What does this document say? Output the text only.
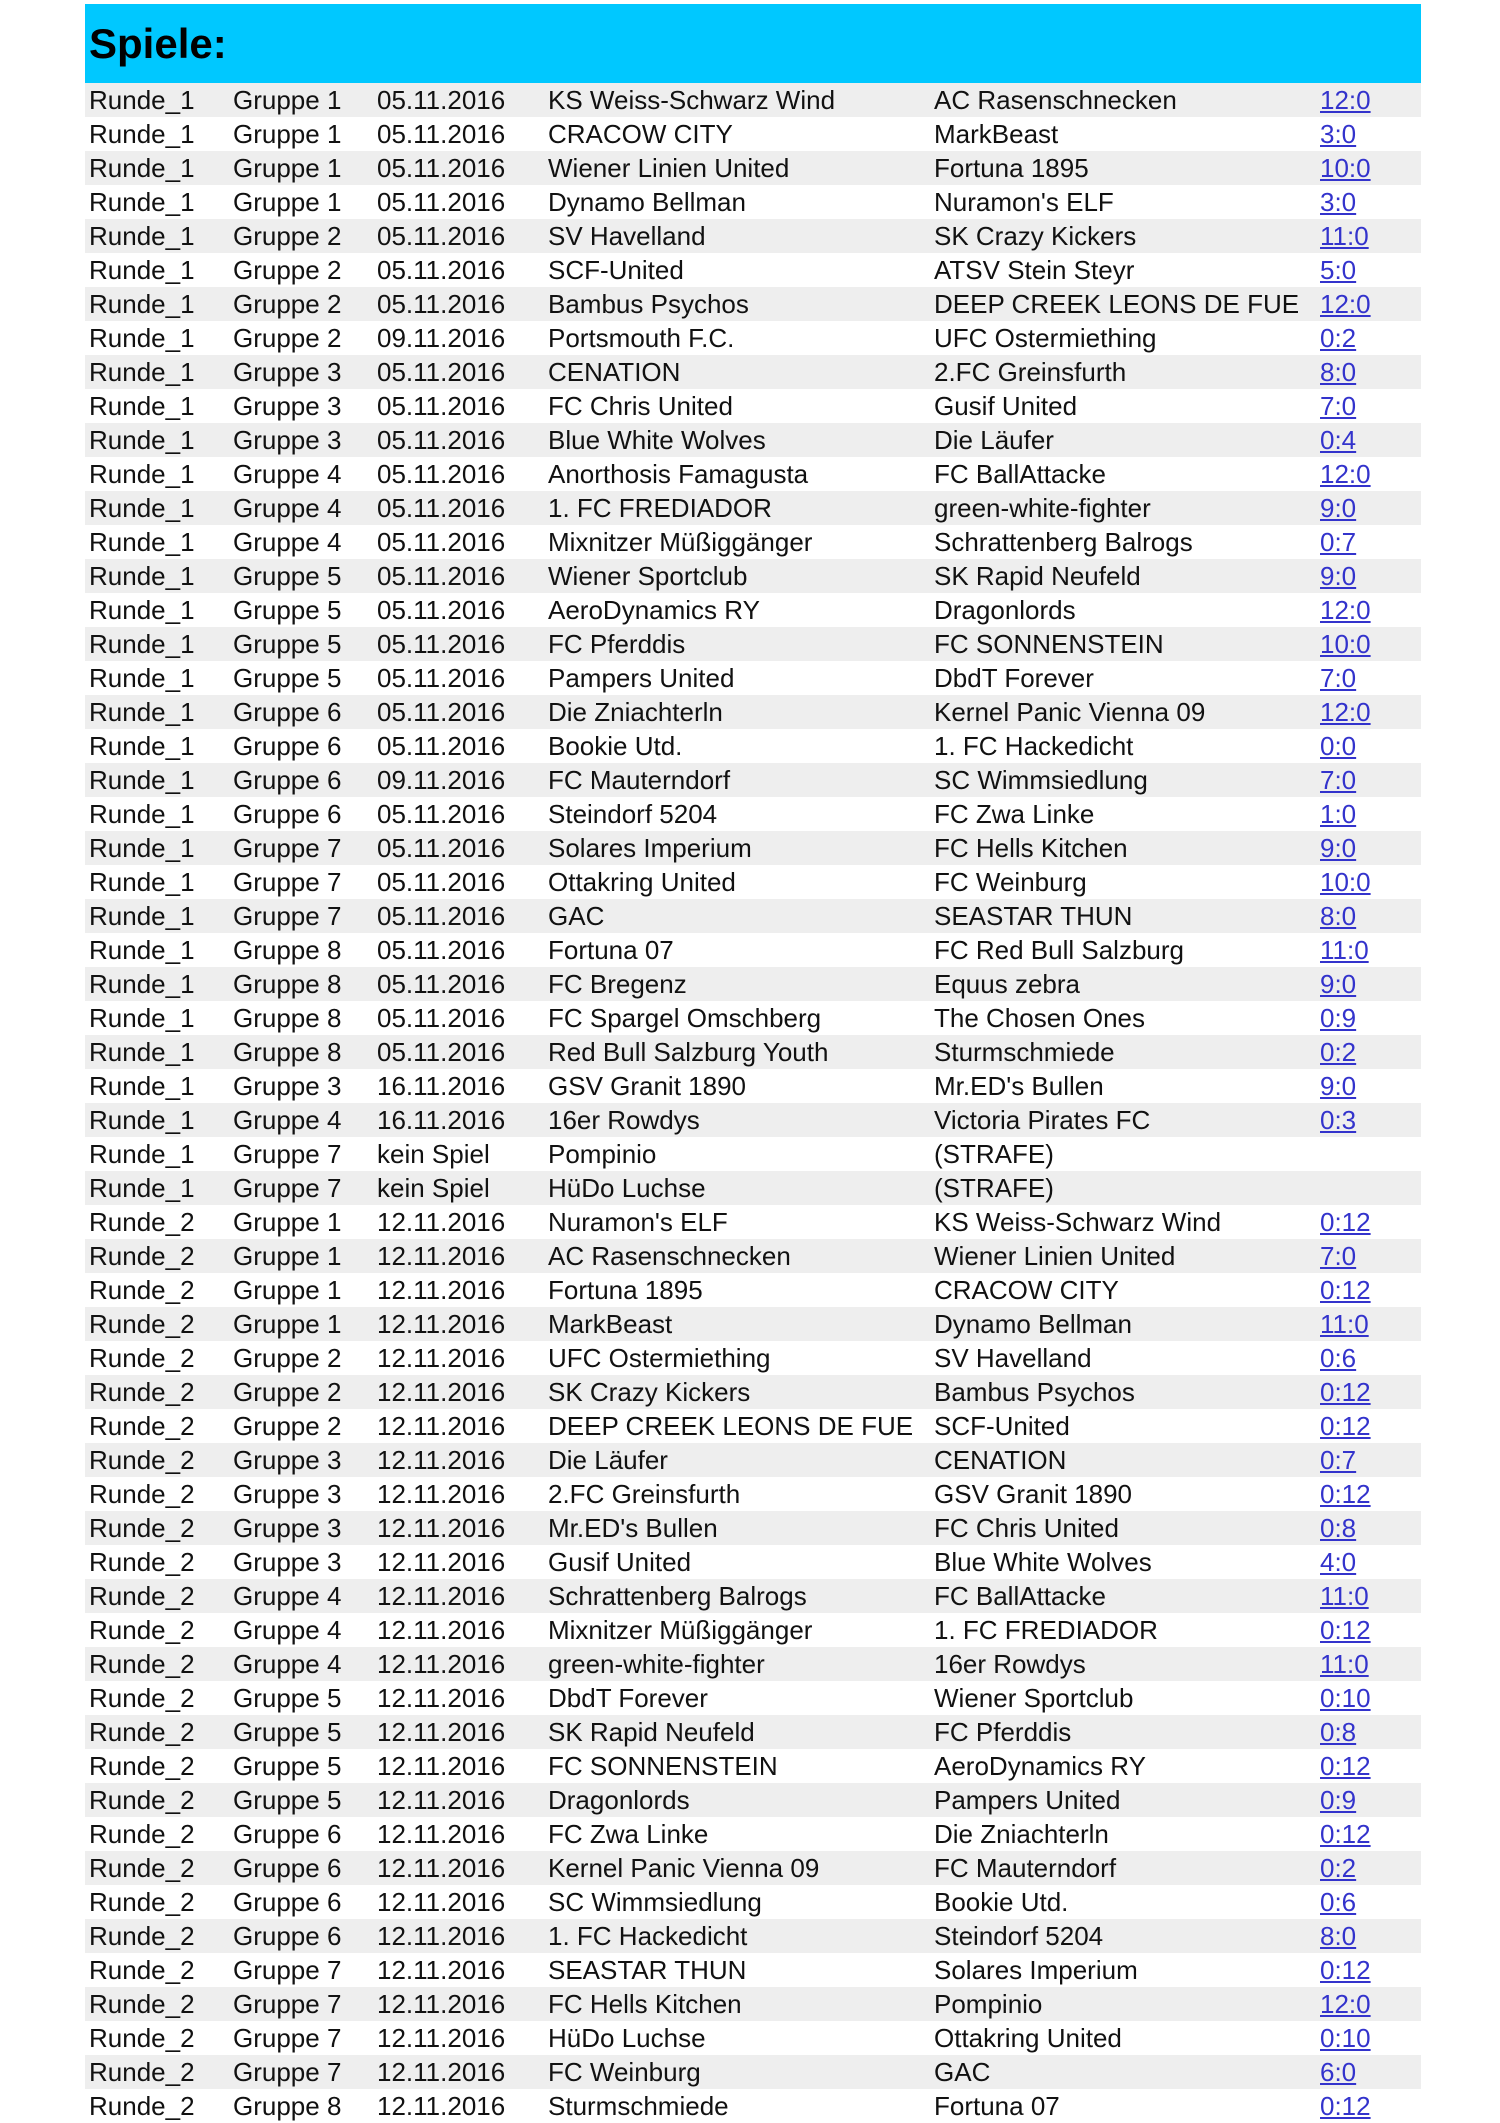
Spiele:
Runde_1	Gruppe 1	05.11.2016	KS Weiss-Schwarz Wind	AC Rasenschnecken	12:0
Runde_1	Gruppe 1	05.11.2016	CRACOW CITY	MarkBeast	3:0
Runde_1	Gruppe 1	05.11.2016	Wiener Linien United	Fortuna 1895	10:0
Runde_1	Gruppe 1	05.11.2016	Dynamo Bellman	Nuramon's ELF	3:0
Runde_1	Gruppe 2	05.11.2016	SV Havelland	SK Crazy Kickers	11:0
Runde_1	Gruppe 2	05.11.2016	SCF-United	ATSV Stein Steyr	5:0
Runde_1	Gruppe 2	05.11.2016	Bambus Psychos	DEEP CREEK LEONS DE FUE	12:0
Runde_1	Gruppe 2	09.11.2016	Portsmouth F.C.	UFC Ostermiething	0:2
Runde_1	Gruppe 3	05.11.2016	CENATION	2.FC Greinsfurth	8:0
Runde_1	Gruppe 3	05.11.2016	FC Chris United	Gusif United	7:0
Runde_1	Gruppe 3	05.11.2016	Blue White Wolves	Die Läufer	0:4
Runde_1	Gruppe 4	05.11.2016	Anorthosis Famagusta	FC BallAttacke	12:0
Runde_1	Gruppe 4	05.11.2016	1. FC FREDIADOR	green-white-fighter	9:0
Runde_1	Gruppe 4	05.11.2016	Mixnitzer Müßiggänger	Schrattenberg Balrogs	0:7
Runde_1	Gruppe 5	05.11.2016	Wiener Sportclub	SK Rapid Neufeld	9:0
Runde_1	Gruppe 5	05.11.2016	AeroDynamics RY	Dragonlords	12:0
Runde_1	Gruppe 5	05.11.2016	FC Pferddis	FC SONNENSTEIN	10:0
Runde_1	Gruppe 5	05.11.2016	Pampers United	DbdT Forever	7:0
Runde_1	Gruppe 6	05.11.2016	Die Zniachterln	Kernel Panic Vienna 09	12:0
Runde_1	Gruppe 6	05.11.2016	Bookie Utd.	1. FC Hackedicht	0:0
Runde_1	Gruppe 6	09.11.2016	FC Mauterndorf	SC Wimmsiedlung	7:0
Runde_1	Gruppe 6	05.11.2016	Steindorf 5204	FC Zwa Linke	1:0
Runde_1	Gruppe 7	05.11.2016	Solares Imperium	FC Hells Kitchen	9:0
Runde_1	Gruppe 7	05.11.2016	Ottakring United	FC Weinburg	10:0
Runde_1	Gruppe 7	05.11.2016	GAC	SEASTAR THUN	8:0
Runde_1	Gruppe 8	05.11.2016	Fortuna 07	FC Red Bull Salzburg	11:0
Runde_1	Gruppe 8	05.11.2016	FC Bregenz	Equus zebra	9:0
Runde_1	Gruppe 8	05.11.2016	FC Spargel Omschberg	The Chosen Ones	0:9
Runde_1	Gruppe 8	05.11.2016	Red Bull Salzburg Youth	Sturmschmiede	0:2
Runde_1	Gruppe 3	16.11.2016	GSV Granit 1890	Mr.ED's Bullen	9:0
Runde_1	Gruppe 4	16.11.2016	16er Rowdys	Victoria Pirates FC	0:3
Runde_1	Gruppe 7	kein Spiel	Pompinio	(STRAFE)	
Runde_1	Gruppe 7	kein Spiel	HüDo Luchse	(STRAFE)	
Runde_2	Gruppe 1	12.11.2016	Nuramon's ELF	KS Weiss-Schwarz Wind	0:12
Runde_2	Gruppe 1	12.11.2016	AC Rasenschnecken	Wiener Linien United	7:0
Runde_2	Gruppe 1	12.11.2016	Fortuna 1895	CRACOW CITY	0:12
Runde_2	Gruppe 1	12.11.2016	MarkBeast	Dynamo Bellman	11:0
Runde_2	Gruppe 2	12.11.2016	UFC Ostermiething	SV Havelland	0:6
Runde_2	Gruppe 2	12.11.2016	SK Crazy Kickers	Bambus Psychos	0:12
Runde_2	Gruppe 2	12.11.2016	DEEP CREEK LEONS DE FUE	SCF-United	0:12
Runde_2	Gruppe 3	12.11.2016	Die Läufer	CENATION	0:7
Runde_2	Gruppe 3	12.11.2016	2.FC Greinsfurth	GSV Granit 1890	0:12
Runde_2	Gruppe 3	12.11.2016	Mr.ED's Bullen	FC Chris United	0:8
Runde_2	Gruppe 3	12.11.2016	Gusif United	Blue White Wolves	4:0
Runde_2	Gruppe 4	12.11.2016	Schrattenberg Balrogs	FC BallAttacke	11:0
Runde_2	Gruppe 4	12.11.2016	Mixnitzer Müßiggänger	1. FC FREDIADOR	0:12
Runde_2	Gruppe 4	12.11.2016	green-white-fighter	16er Rowdys	11:0
Runde_2	Gruppe 5	12.11.2016	DbdT Forever	Wiener Sportclub	0:10
Runde_2	Gruppe 5	12.11.2016	SK Rapid Neufeld	FC Pferddis	0:8
Runde_2	Gruppe 5	12.11.2016	FC SONNENSTEIN	AeroDynamics RY	0:12
Runde_2	Gruppe 5	12.11.2016	Dragonlords	Pampers United	0:9
Runde_2	Gruppe 6	12.11.2016	FC Zwa Linke	Die Zniachterln	0:12
Runde_2	Gruppe 6	12.11.2016	Kernel Panic Vienna 09	FC Mauterndorf	0:2
Runde_2	Gruppe 6	12.11.2016	SC Wimmsiedlung	Bookie Utd.	0:6
Runde_2	Gruppe 6	12.11.2016	1. FC Hackedicht	Steindorf 5204	8:0
Runde_2	Gruppe 7	12.11.2016	SEASTAR THUN	Solares Imperium	0:12
Runde_2	Gruppe 7	12.11.2016	FC Hells Kitchen	Pompinio	12:0
Runde_2	Gruppe 7	12.11.2016	HüDo Luchse	Ottakring United	0:10
Runde_2	Gruppe 7	12.11.2016	FC Weinburg	GAC	6:0
Runde_2	Gruppe 8	12.11.2016	Sturmschmiede	Fortuna 07	0:12
